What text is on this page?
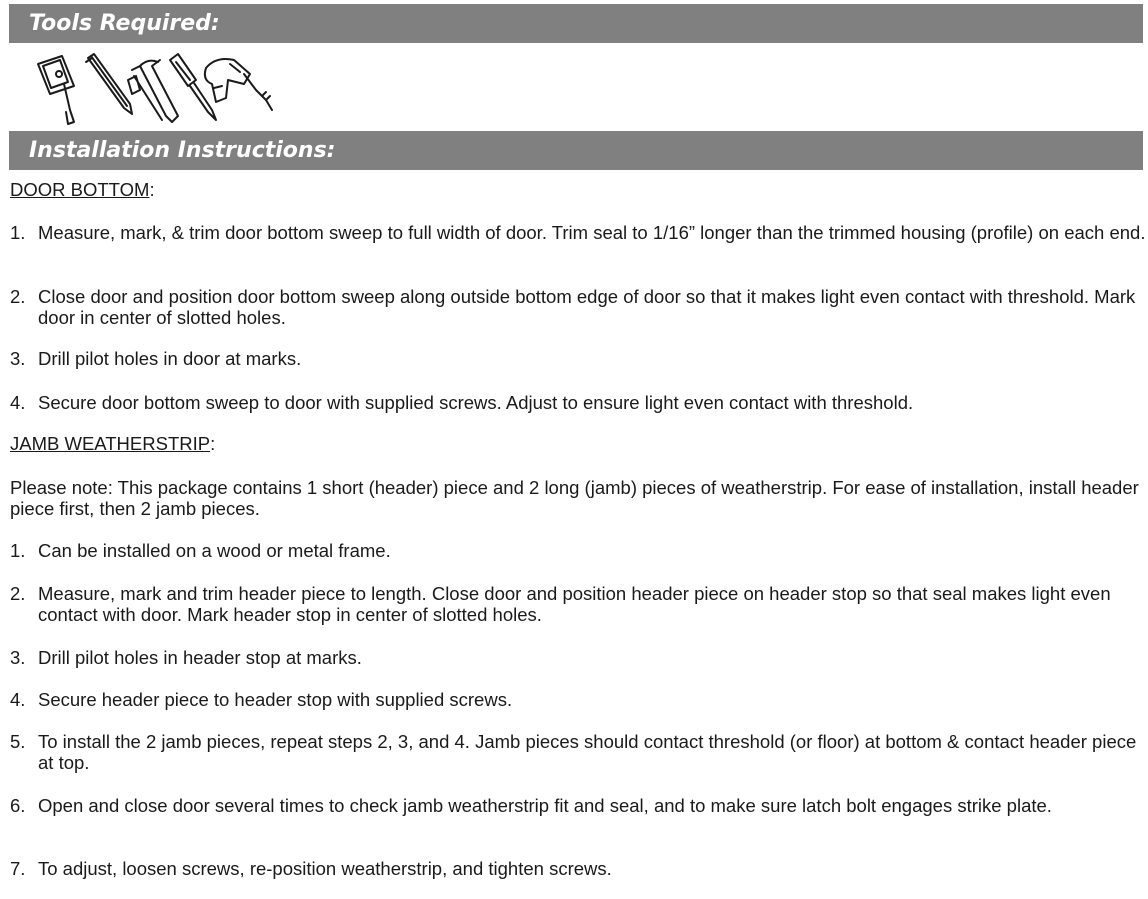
Tools Required:
Installation Instructions:
DOOR BOTTOM:
1. Measure, mark, & trim door bottom sweep to full width of door. Trim seal to 1/16” longer than the trimmed housing (profile) on each end.
2. Close door and position door bottom sweep along outside bottom edge of door so that it makes light even contact with threshold. Mark door in center of slotted holes.
3. Drill pilot holes in door at marks.
4. Secure door bottom sweep to door with supplied screws. Adjust to ensure light even contact with threshold.
JAMB WEATHERSTRIP:
Please note: This package contains 1 short (header) piece and 2 long (jamb) pieces of weatherstrip. For ease of installation, install header piece first, then 2 jamb pieces.
1. Can be installed on a wood or metal frame.
2. Measure, mark and trim header piece to length. Close door and position header piece on header stop so that seal makes light even contact with door. Mark header stop in center of slotted holes.
3. Drill pilot holes in header stop at marks.
4. Secure header piece to header stop with supplied screws.
5. To install the 2 jamb pieces, repeat steps 2, 3, and 4. Jamb pieces should contact threshold (or floor) at bottom & contact header piece at top.
6. Open and close door several times to check jamb weatherstrip fit and seal, and to make sure latch bolt engages strike plate.
7. To adjust, loosen screws, re-position weatherstrip, and tighten screws.
